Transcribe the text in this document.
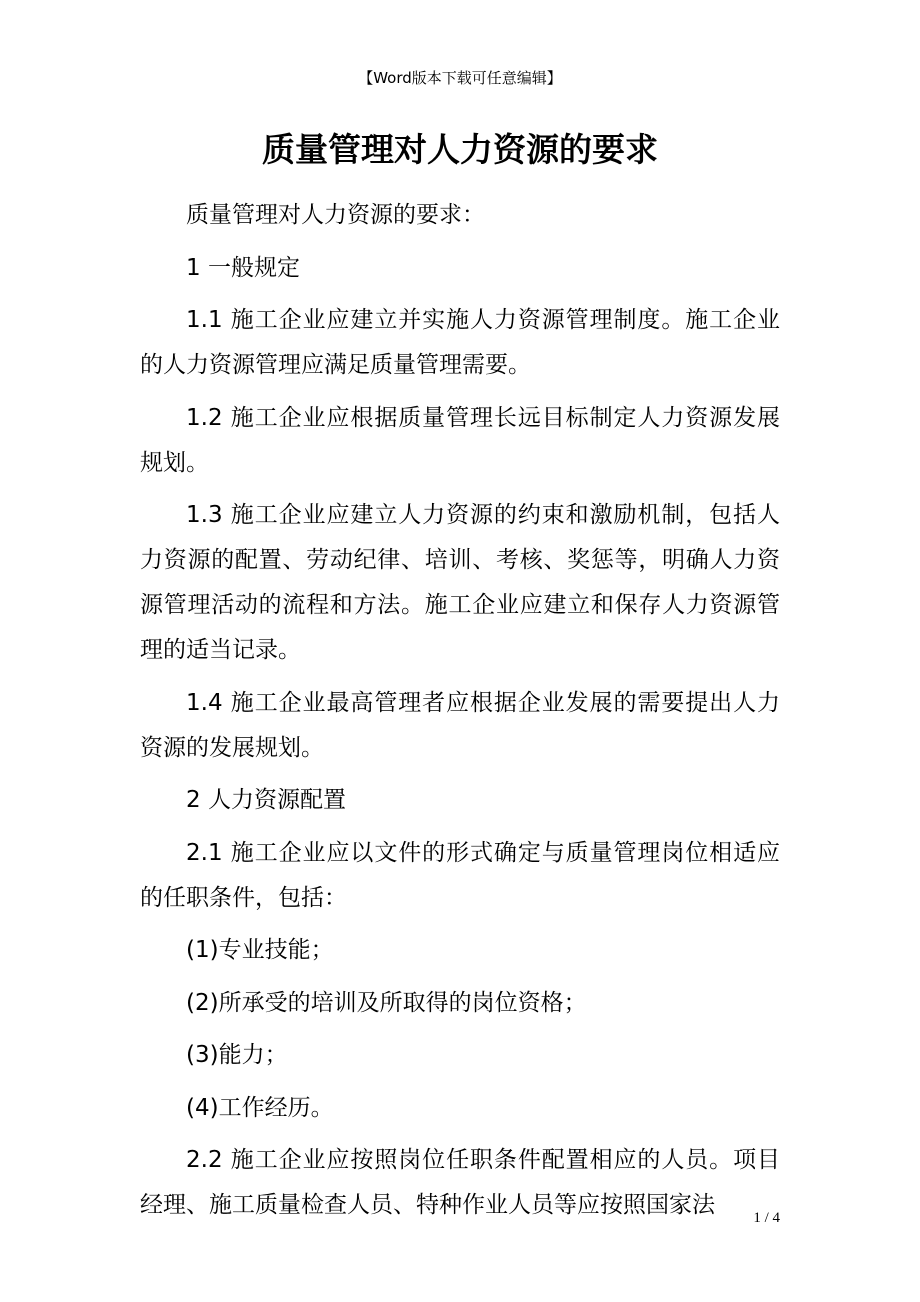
【Word版本下载可任意编辑】
质量管理对人力资源的要求

质量管理对人力资源的要求：

1 一般规定

1.1 施工企业应建立并实施人力资源管理制度。施工企业的人力资源管理应满足质量管理需要。

1.2 施工企业应根据质量管理长远目标制定人力资源发展规划。

1.3 施工企业应建立人力资源的约束和激励机制，包括人力资源的配置、劳动纪律、培训、考核、奖惩等，明确人力资源管理活动的流程和方法。施工企业应建立和保存人力资源管理的适当记录。

1.4 施工企业最高管理者应根据企业发展的需要提出人力资源的发展规划。

2 人力资源配置

2.1 施工企业应以文件的形式确定与质量管理岗位相适应的任职条件，包括：

(1)专业技能；

(2)所承受的培训及所取得的岗位资格；

(3)能力；

(4)工作经历。

2.2 施工企业应按照岗位任职条件配置相应的人员。项目经理、施工质量检查人员、特种作业人员等应按照国家法	1 / 4
